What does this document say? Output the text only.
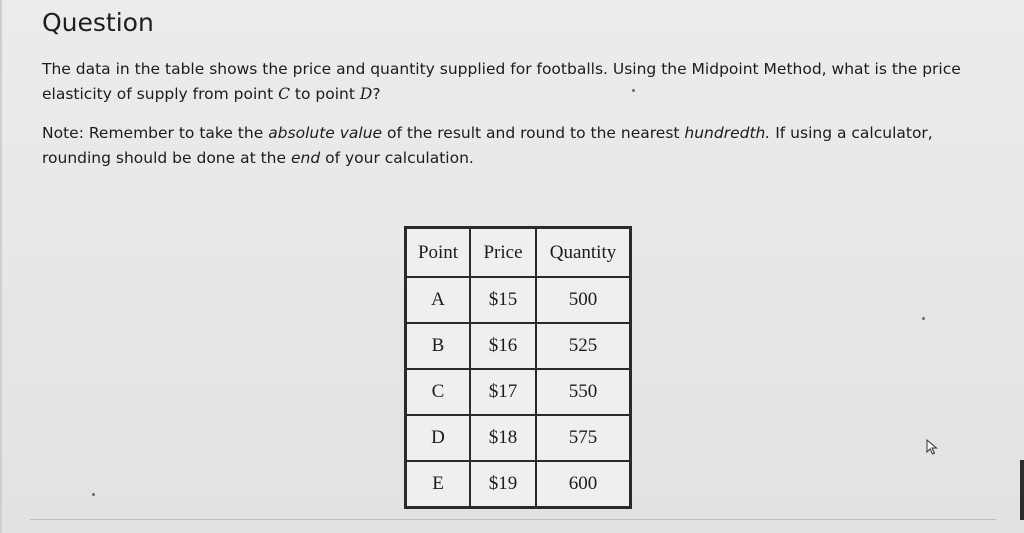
Question

The data in the table shows the price and quantity supplied for footballs. Using the Midpoint Method, what is the price elasticity of supply from point C to point D?

Note: Remember to take the absolute value of the result and round to the nearest hundredth. If using a calculator, rounding should be done at the end of your calculation.

Point	Price	Quantity
A	$15	500
B	$16	525
C	$17	550
D	$18	575
E	$19	600
